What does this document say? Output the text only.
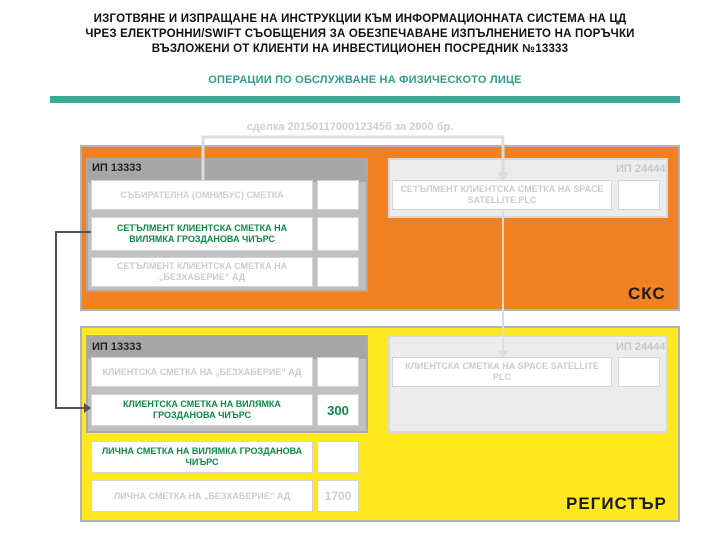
ИЗГОТВЯНЕ И ИЗПРАЩАНЕ НА ИНСТРУКЦИИ КЪМ ИНФОРМАЦИОННАТА СИСТЕМА НА ЦД
ЧРЕЗ ЕЛЕКТРОННИ/SWIFT СЪОБЩЕНИЯ ЗА ОБЕЗПЕЧАВАНЕ ИЗПЪЛНЕНИЕТО НА ПОРЪЧКИ
ВЪЗЛОЖЕНИ ОТ КЛИЕНТИ НА ИНВЕСТИЦИОНЕН ПОСРЕДНИК №13333
ОПЕРАЦИИ ПО ОБСЛУЖВАНЕ НА ФИЗИЧЕСКОТО ЛИЦЕ
сделка 2015011700012345б за 2000 бр.
ИП 13333
СЪБИРАТЕЛНА (ОМНИБУС) СМЕТКА
СЕТЪЛМЕНТ КЛИЕНТСКА СМЕТКА НА ВИЛЯМКА ГРОЗДАНОВА ЧИЪРС
СЕТЪЛМЕНТ КЛИЕНТСКА СМЕТКА НА „БЕЗХАБЕРИЕ“ АД
ИП 24444
СЕТЪЛМЕНТ КЛИЕНТСКА СМЕТКА НА SPACE SATELLITE PLC
СКС
ИП 13333
КЛИЕНТСКА СМЕТКА НА „БЕЗХАБЕРИЕ“ АД
КЛИЕНТСКА СМЕТКА НА ВИЛЯМКА ГРОЗДАНОВА ЧИЪРС	300
ИП 24444
КЛИЕНТСКА СМЕТКА НА SPACE SATELLITE PLC
ЛИЧНА СМЕТКА НА ВИЛЯМКА ГРОЗДАНОВА ЧИЪРС
ЛИЧНА СМЕТКА НА „БЕЗХАБЕРИЕ“ АД	1700	РЕГИСТЪР
